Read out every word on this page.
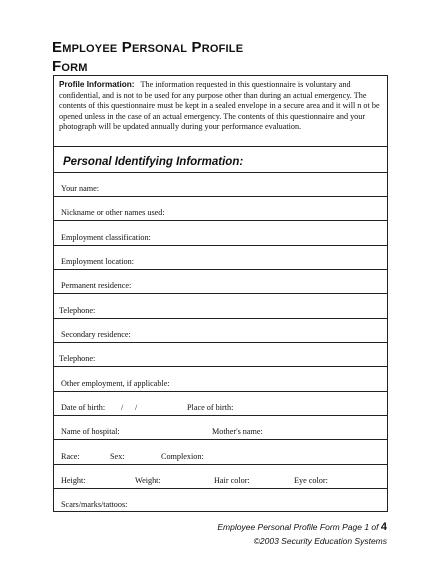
Employee Personal Profile
Form
Profile Information: The information requested in this questionnaire is voluntary and confidential, and is not to be used for any purpose other than during an actual emergency. The contents of this questionnaire must be kept in a sealed envelope in a secure area and it will n ot be opened unless in the case of an actual emergency. The contents of this questionnaire and your photograph will be updated annually during your performance evaluation.
Personal Identifying Information:
Your name:
Nickname or other names used:
Employment classification:
Employment location:
Permanent residence:
Telephone:
Secondary residence:
Telephone:
Other employment, if applicable:
Date of birth: / /	Place of birth:
Name of hospital:	Mother's name:
Race:	Sex:	Complexion:
Height:	Weight:	Hair color:	Eye color:
Scars/marks/tattoos:
Employee Personal Profile Form Page 1 of 4
©2003 Security Education Systems
